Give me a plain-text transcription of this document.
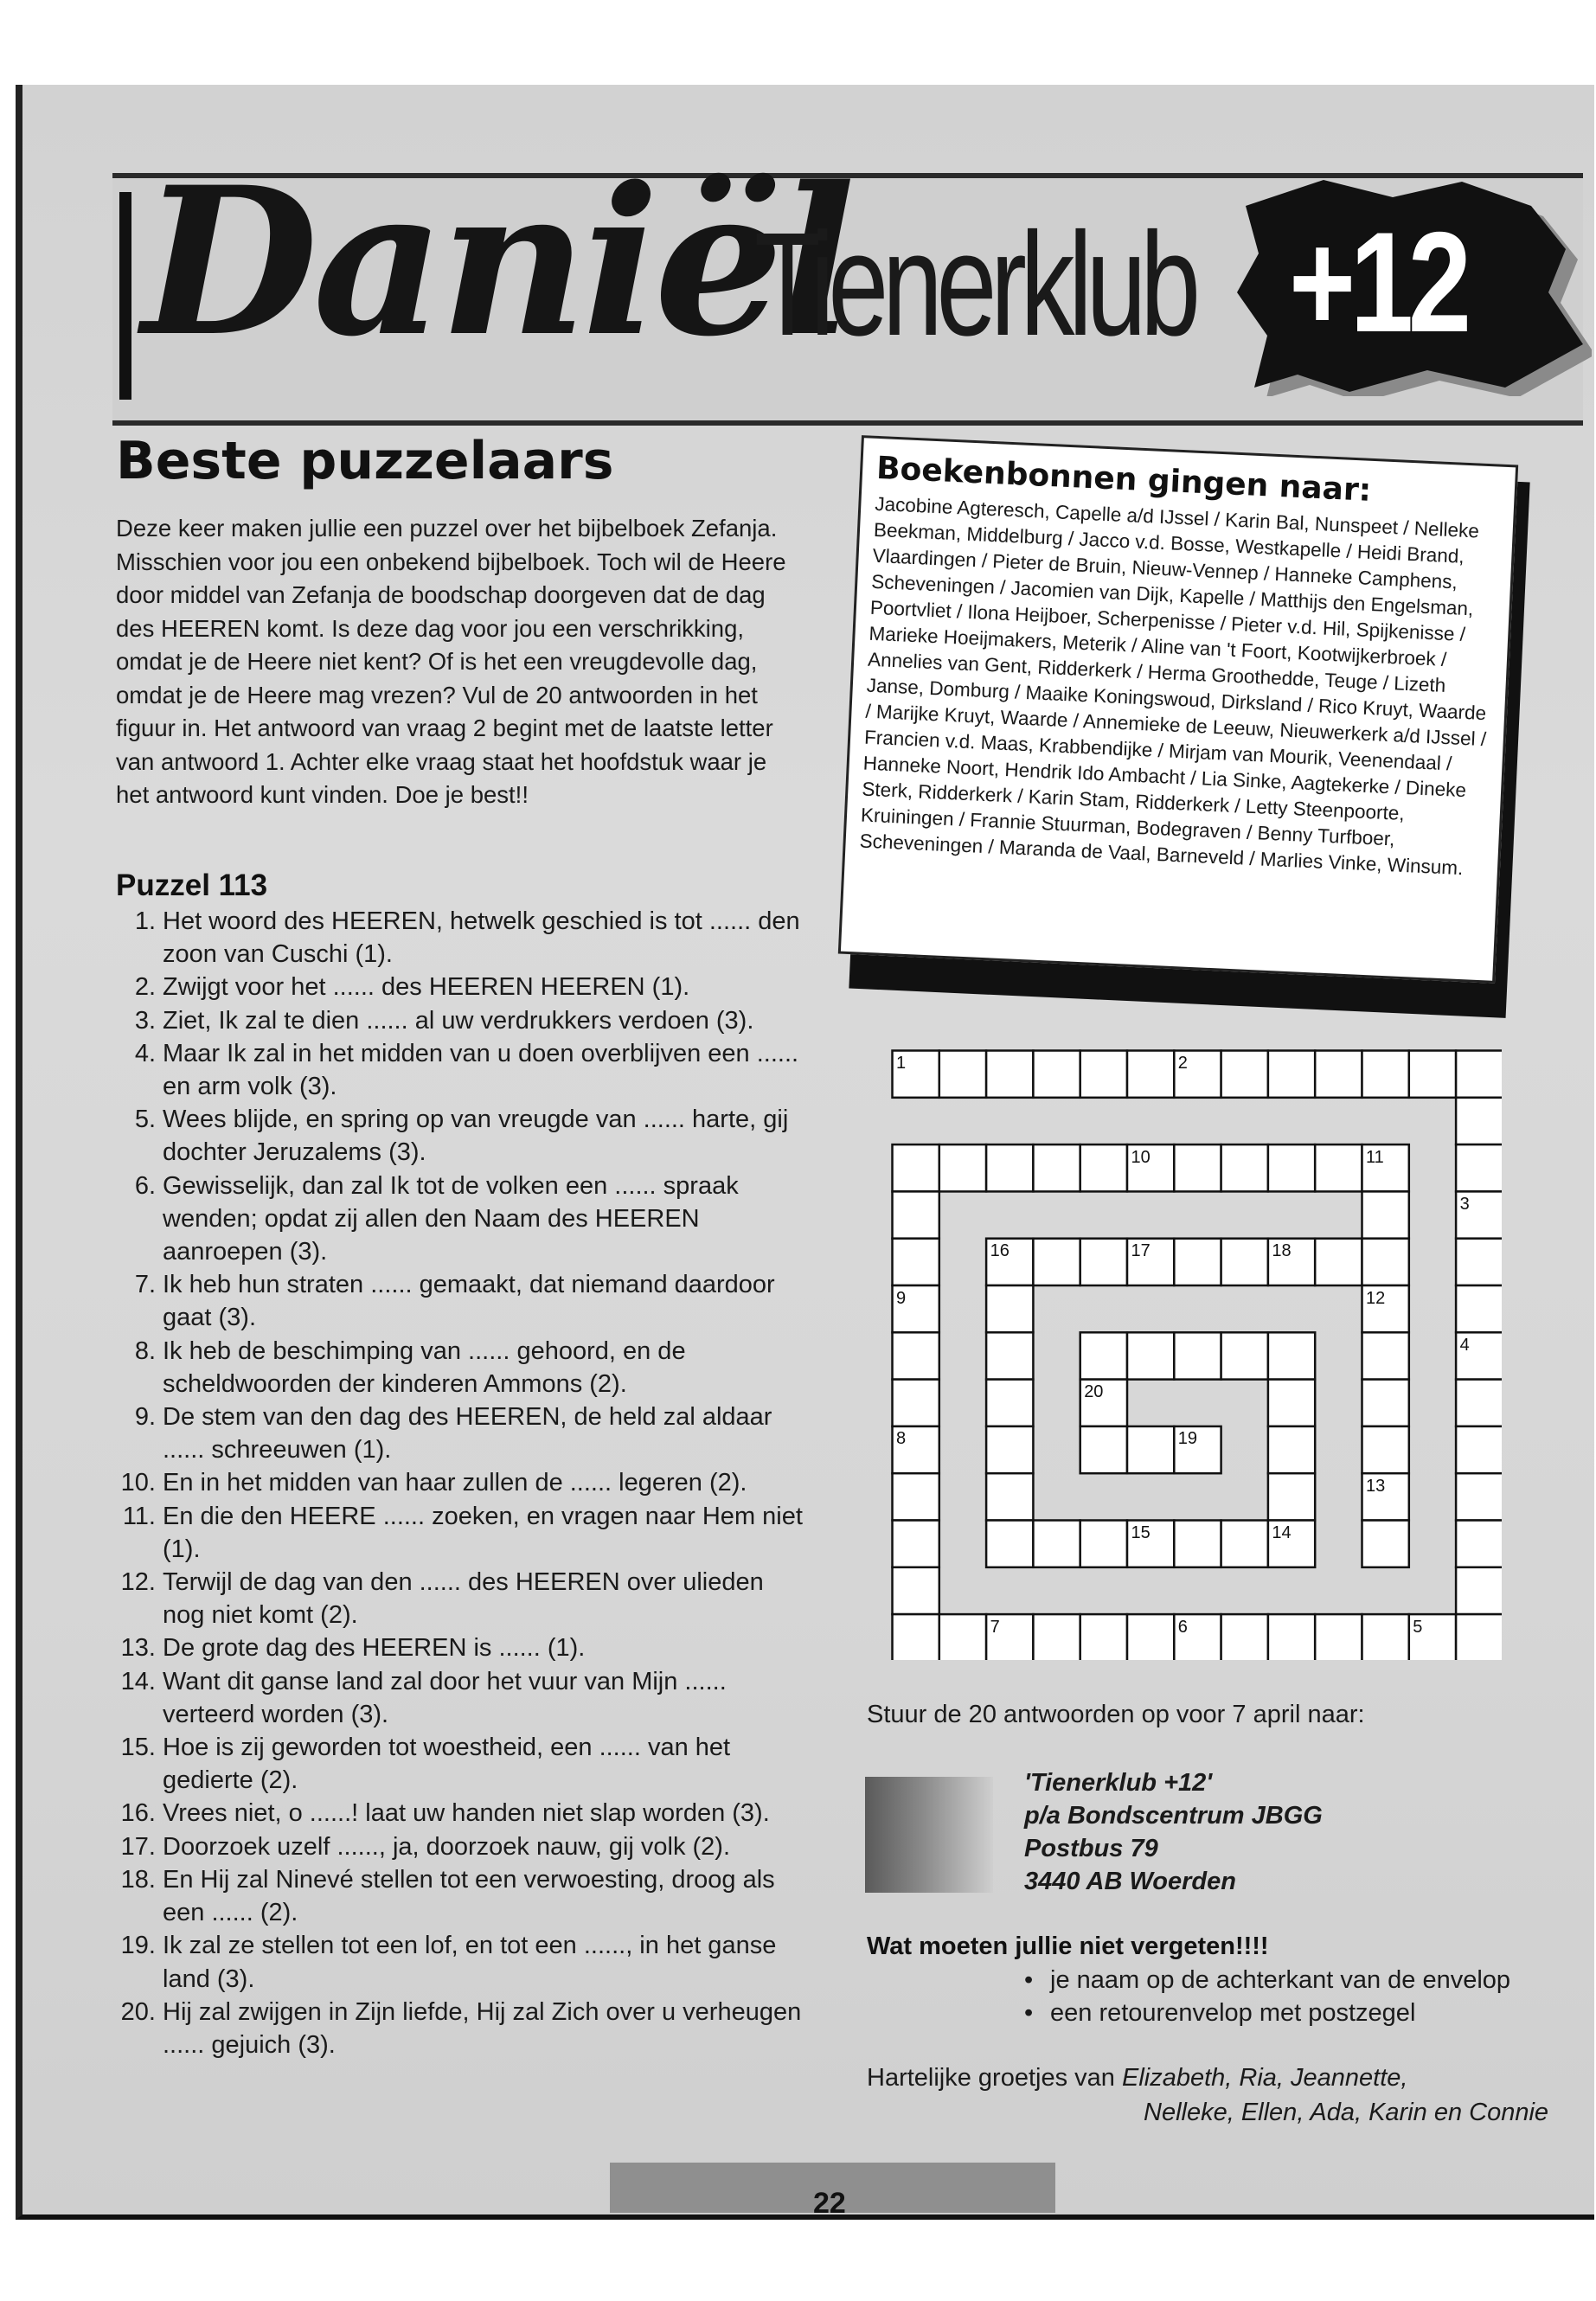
Daniël
Tienerklub +12
Beste puzzelaars

Deze keer maken jullie een puzzel over het bijbelboek Zefanja. Misschien voor jou een onbekend bijbelboek. Toch wil de Heere door middel van Zefanja de boodschap doorgeven dat de dag des HEEREN komt. Is deze dag voor jou een verschrikking, omdat je de Heere niet kent? Of is het een vreugdevolle dag, omdat je de Heere mag vrezen? Vul de 20 antwoorden in het figuur in. Het antwoord van vraag 2 begint met de laatste letter van antwoord 1. Achter elke vraag staat het hoofdstuk waar je het antwoord kunt vinden. Doe je best!!

Puzzel 113
1. Het woord des HEEREN, hetwelk geschied is tot ...... den zoon van Cuschi (1).
2. Zwijgt voor het ...... des HEEREN HEEREN (1).
3. Ziet, Ik zal te dien ...... al uw verdrukkers verdoen (3).
4. Maar Ik zal in het midden van u doen overblijven een ...... en arm volk (3).
5. Wees blijde, en spring op van vreugde van ...... harte, gij dochter Jeruzalems (3).
6. Gewisselijk, dan zal Ik tot de volken een ...... spraak wenden; opdat zij allen den Naam des HEEREN aanroepen (3).
7. Ik heb hun straten ...... gemaakt, dat niemand daardoor gaat (3).
8. Ik heb de beschimping van ...... gehoord, en de scheldwoorden der kinderen Ammons (2).
9. De stem van den dag des HEEREN, de held zal aldaar ...... schreeuwen (1).
10. En in het midden van haar zullen de ...... legeren (2).
11. En die den HEERE ...... zoeken, en vragen naar Hem niet (1).
12. Terwijl de dag van den ...... des HEEREN over ulieden nog niet komt (2).
13. De grote dag des HEEREN is ...... (1).
14. Want dit ganse land zal door het vuur van Mijn ...... verteerd worden (3).
15. Hoe is zij geworden tot woestheid, een ...... van het gedierte (2).
16. Vrees niet, o ......! laat uw handen niet slap worden (3).
17. Doorzoek uzelf ......, ja, doorzoek nauw, gij volk (2).
18. En Hij zal Ninevé stellen tot een verwoesting, droog als een ...... (2).
19. Ik zal ze stellen tot een lof, en tot een ......, in het ganse land (3).
20. Hij zal zwijgen in Zijn liefde, Hij zal Zich over u verheugen ...... gejuich (3).
Boekenbonnen gingen naar:

Jacobine Agteresch, Capelle a/d IJssel / Karin Bal, Nunspeet / Nelleke Beekman, Middelburg / Jacco v.d. Bosse, Westkapelle / Heidi Brand, Vlaardingen / Pieter de Bruin, Nieuw-Vennep / Hanneke Camphens, Scheveningen / Jacomien van Dijk, Kapelle / Matthijs den Engelsman, Poortvliet / Ilona Heijboer, Scherpenisse / Pieter v.d. Hil, Spijkenisse / Marieke Hoeijmakers, Meterik / Aline van 't Foort, Kootwijkerbroek / Annelies van Gent, Ridderkerk / Herma Groothedde, Teuge / Lizeth Janse, Domburg / Maaike Koningswoud, Dirksland / Rico Kruyt, Waarde / Marijke Kruyt, Waarde / Annemieke de Leeuw, Nieuwerkerk a/d IJssel / Francien v.d. Maas, Krabbendijke / Mirjam van Mourik, Veenendaal / Hanneke Noort, Hendrik Ido Ambacht / Lia Sinke, Aagtekerke / Dineke Sterk, Ridderkerk / Karin Stam, Ridderkerk / Letty Steenpoorte, Kruiningen / Frannie Stuurman, Bodegraven / Benny Turfboer, Scheveningen / Maranda de Vaal, Barneveld / Marlies Vinke, Winsum.

1	2
3
4
5
6
7
8
9
10	11
12
13
14
15
16	17	18
19
20

Stuur de 20 antwoorden op voor 7 april naar:

'Tienerklub +12'
p/a Bondscentrum JBGG
Postbus 79
3440 AB Woerden

Wat moeten jullie niet vergeten!!!!

• je naam op de achterkant van de envelop
• een retourenvelop met postzegel

Hartelijke groetjes van Elizabeth, Ria, Jeannette,

Nelleke, Ellen, Ada, Karin en Connie

22
